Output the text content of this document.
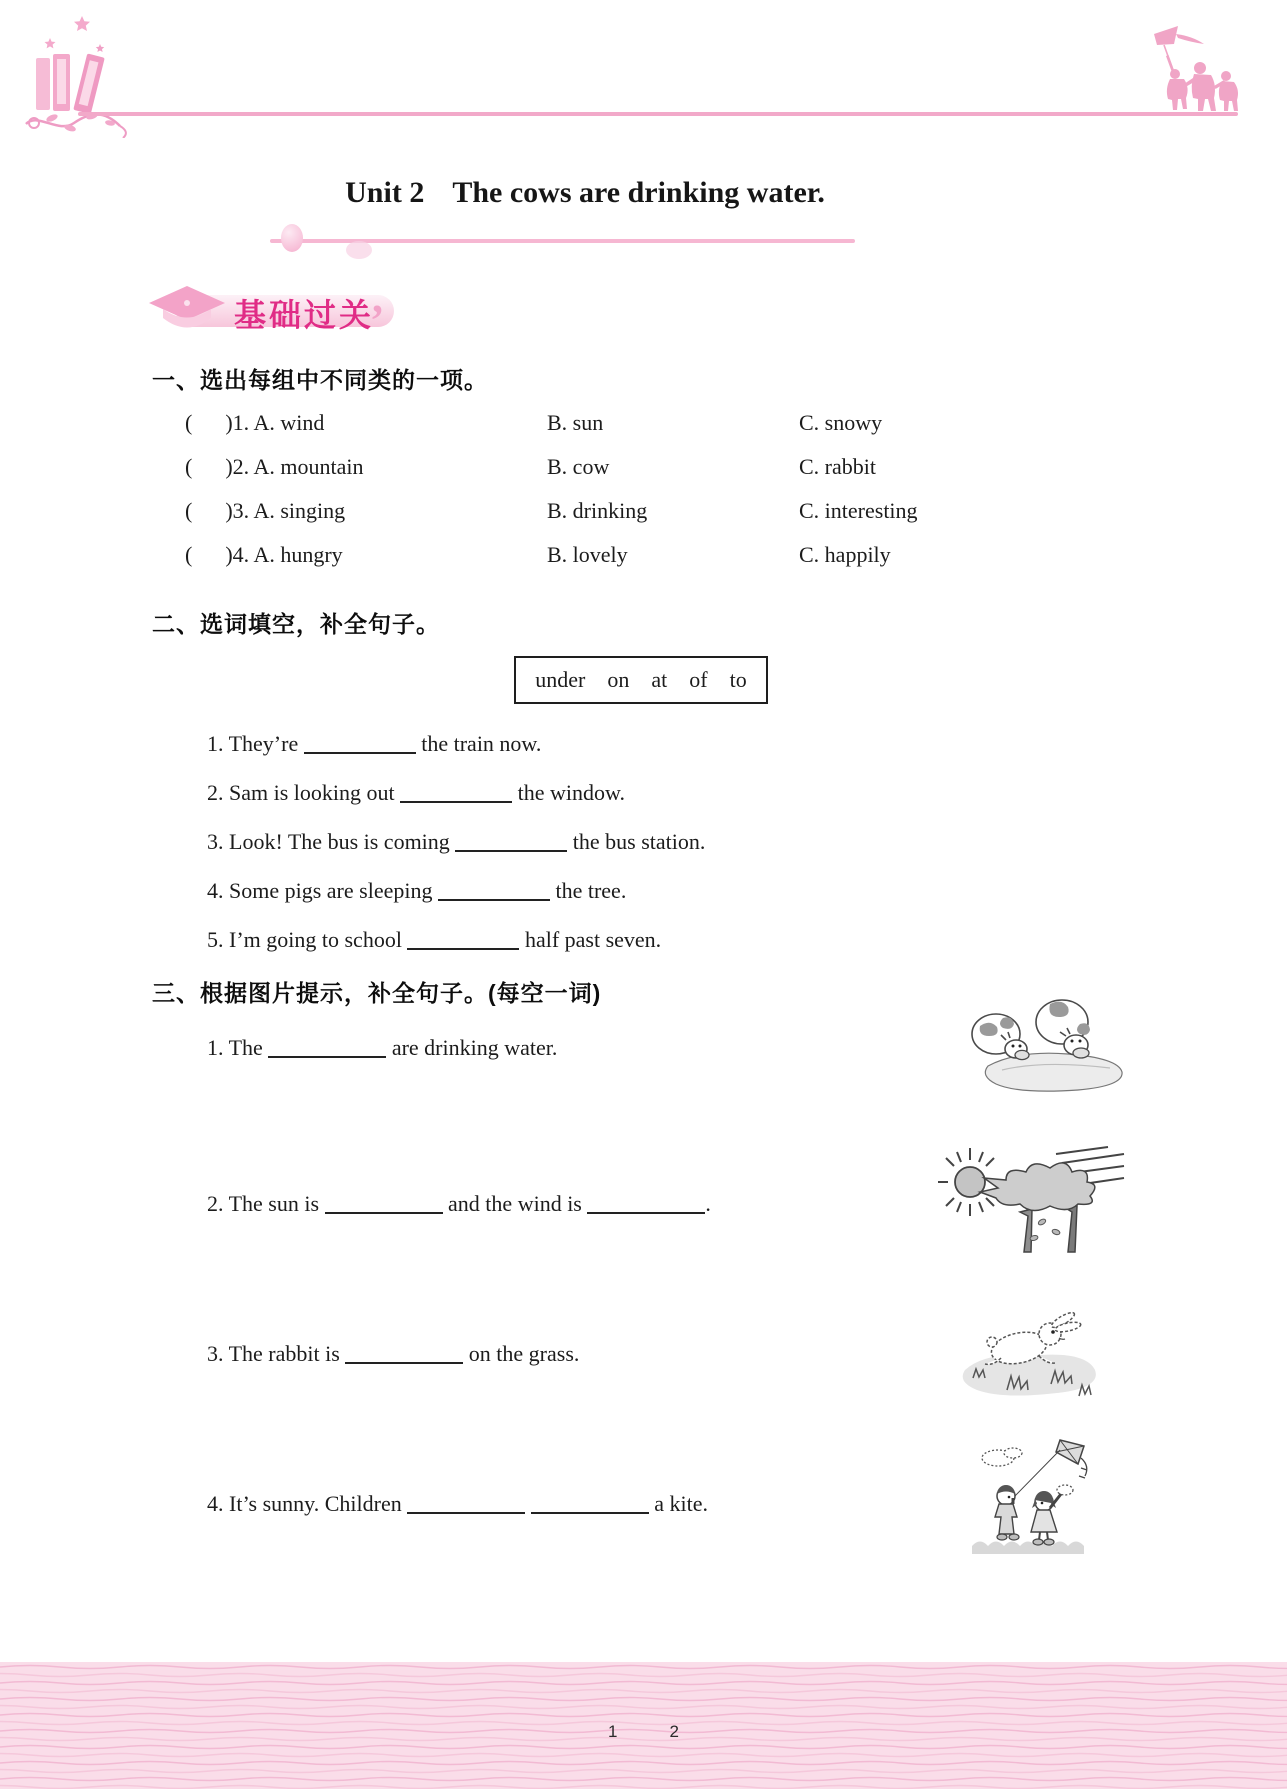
Unit 2 The cows are drinking water.
基础过关
,
一、选出每组中不同类的一项。
(      )1. A. wind	B. sun	C. snowy
(      )2. A. mountain	B. cow	C. rabbit
(      )3. A. singing	B. drinking	C. interesting
(      )4. A. hungry	B. lovely	C. happily
二、选词填空，补全句子。
under on at of to
1. They’re	the train now.
2. Sam is looking out	the window.
3. Look! The bus is coming	the bus station.
4. Some pigs are sleeping	the tree.
5. I’m going to school	half past seven.
三、根据图片提示，补全句子。(每空一词)
1. The	are drinking water.
2. The sun is	and the wind is	.
3. The rabbit is	on the grass.
4. It’s sunny. Children	a kite.
1	2
